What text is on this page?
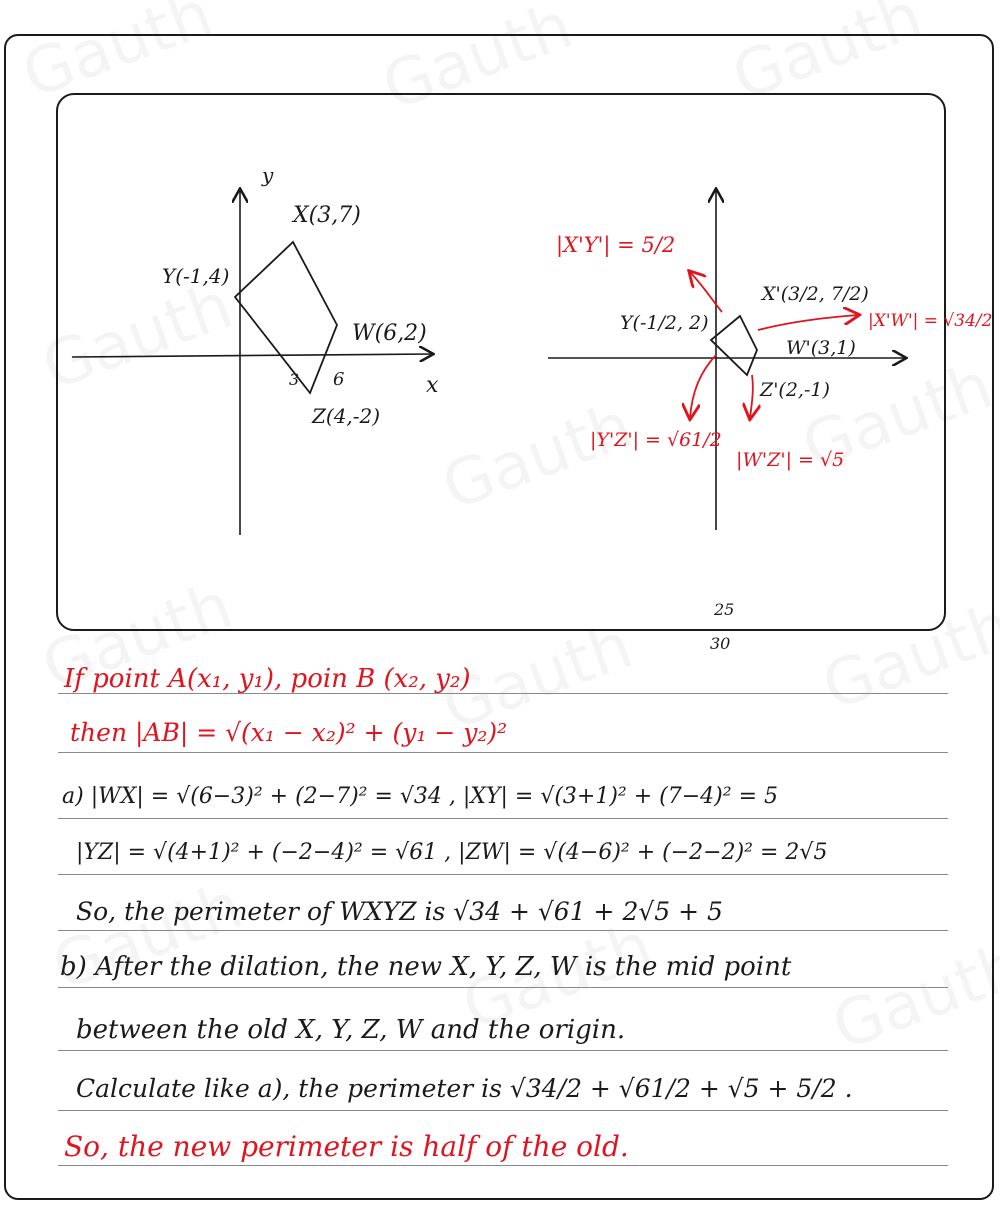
y
x
X(3,7)
Y(-1,4)
W(6,2)
Z(4,-2)
3 6
X'(3/2, 7/2)
Y(-1/2, 2)
W'(3,1)
Z'(2,-1)
|X'Y'| = 5/2
|X'W'| = √34/2
|Y'Z'| = √61/2
|W'Z'| = √5
25
30
If point A(x₁, y₁), poin B (x₂, y₂)
then |AB| = √(x₁ − x₂)² + (y₁ − y₂)²
a) |WX| = √(6−3)² + (2−7)² = √34 , |XY| = √(3+1)² + (7−4)² = 5
|YZ| = √(4+1)² + (−2−4)² = √61 , |ZW| = √(4−6)² + (−2−2)² = 2√5
So, the perimeter of WXYZ is √34 + √61 + 2√5 + 5
b) After the dilation, the new X, Y, Z, W is the mid point
between the old X, Y, Z, W and the origin.
Calculate like a), the perimeter is √34/2 + √61/2 + √5 + 5/2 .
So, the new perimeter is half of the old.
